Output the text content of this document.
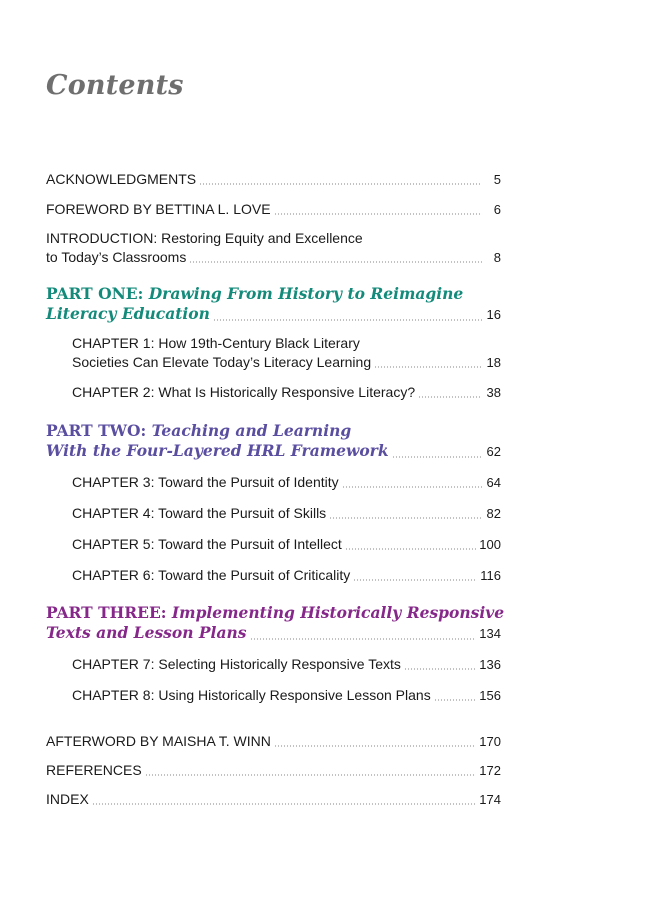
Contents
ACKNOWLEDGMENTS	5
FOREWORD BY BETTINA L. LOVE	6
INTRODUCTION: Restoring Equity and Excellence
to Today’s Classrooms	8
PART ONE: Drawing From History to Reimagine
Literacy Education	16
CHAPTER 1: How 19th-Century Black Literary
Societies Can Elevate Today’s Literacy Learning	18
CHAPTER 2: What Is Historically Responsive Literacy?	38
PART TWO: Teaching and Learning
With the Four-Layered HRL Framework	62
CHAPTER 3: Toward the Pursuit of Identity	64
CHAPTER 4: Toward the Pursuit of Skills	82
CHAPTER 5: Toward the Pursuit of Intellect	100
CHAPTER 6: Toward the Pursuit of Criticality	116
PART THREE: Implementing Historically Responsive
Texts and Lesson Plans	134
CHAPTER 7: Selecting Historically Responsive Texts	136
CHAPTER 8: Using Historically Responsive Lesson Plans	156
AFTERWORD BY MAISHA T. WINN	170
REFERENCES	172
INDEX	174
